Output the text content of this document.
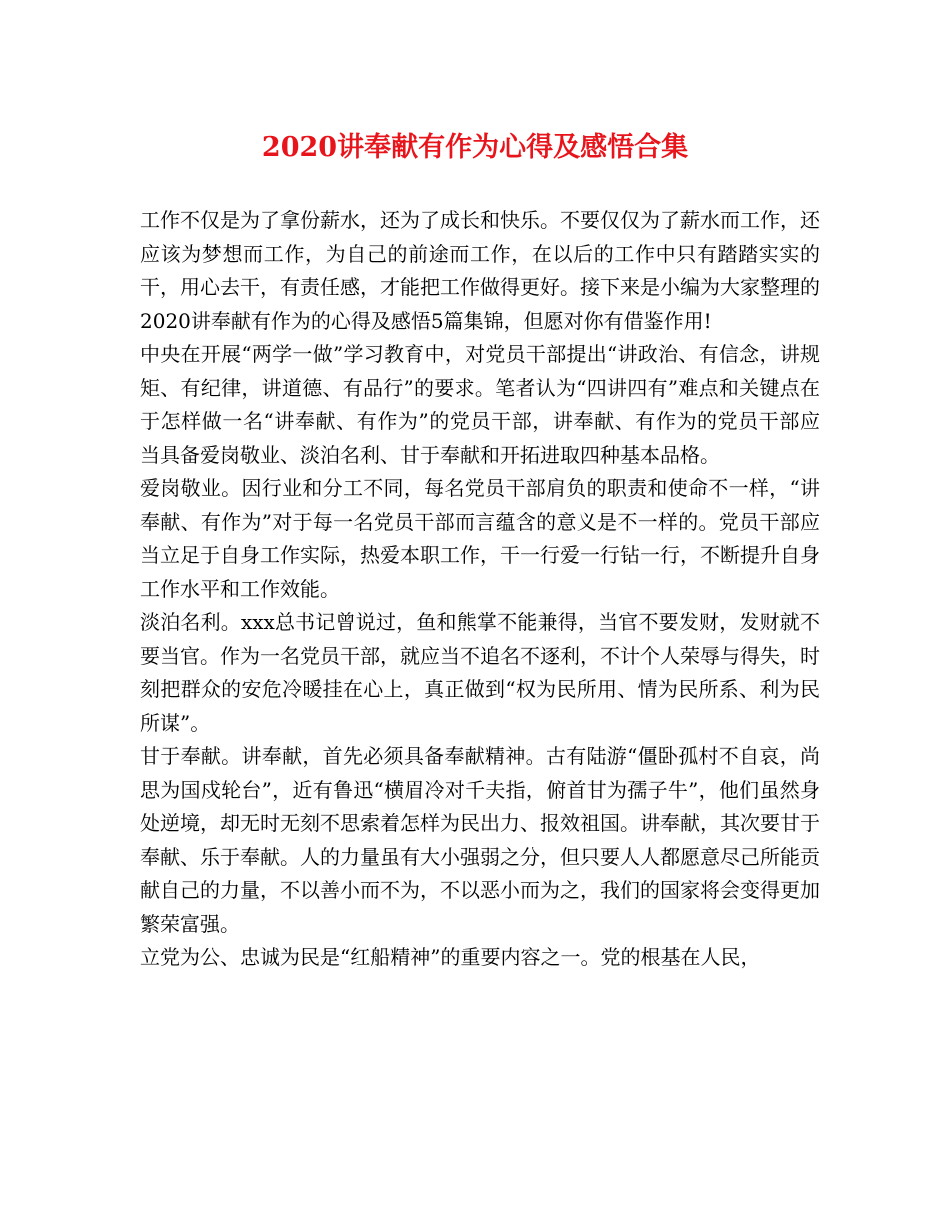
2020讲奉献有作为心得及感悟合集

工作不仅是为了拿份薪水，还为了成长和快乐。不要仅仅为了薪水而工作，还应该为梦想而工作，为自己的前途而工作，在以后的工作中只有踏踏实实的干，用心去干，有责任感，才能把工作做得更好。接下来是小编为大家整理的2020讲奉献有作为的心得及感悟5篇集锦，但愿对你有借鉴作用!

中央在开展“两学一做”学习教育中，对党员干部提出“讲政治、有信念，讲规矩、有纪律，讲道德、有品行”的要求。笔者认为“四讲四有”难点和关键点在于怎样做一名“讲奉献、有作为”的党员干部，讲奉献、有作为的党员干部应当具备爱岗敬业、淡泊名利、甘于奉献和开拓进取四种基本品格。

爱岗敬业。因行业和分工不同，每名党员干部肩负的职责和使命不一样，“讲奉献、有作为”对于每一名党员干部而言蕴含的意义是不一样的。党员干部应当立足于自身工作实际，热爱本职工作，干一行爱一行钻一行，不断提升自身工作水平和工作效能。

淡泊名利。xxx总书记曾说过，鱼和熊掌不能兼得，当官不要发财，发财就不要当官。作为一名党员干部，就应当不追名不逐利，不计个人荣辱与得失，时刻把群众的安危冷暖挂在心上，真正做到“权为民所用、情为民所系、利为民所谋”。

甘于奉献。讲奉献，首先必须具备奉献精神。古有陆游“僵卧孤村不自哀，尚思为国戍轮台”，近有鲁迅“横眉冷对千夫指，俯首甘为孺子牛”，他们虽然身处逆境，却无时无刻不思索着怎样为民出力、报效祖国。讲奉献，其次要甘于奉献、乐于奉献。人的力量虽有大小强弱之分，但只要人人都愿意尽己所能贡献自己的力量，不以善小而不为，不以恶小而为之，我们的国家将会变得更加繁荣富强。

立党为公、忠诚为民是“红船精神”的重要内容之一。党的根基在人民，
